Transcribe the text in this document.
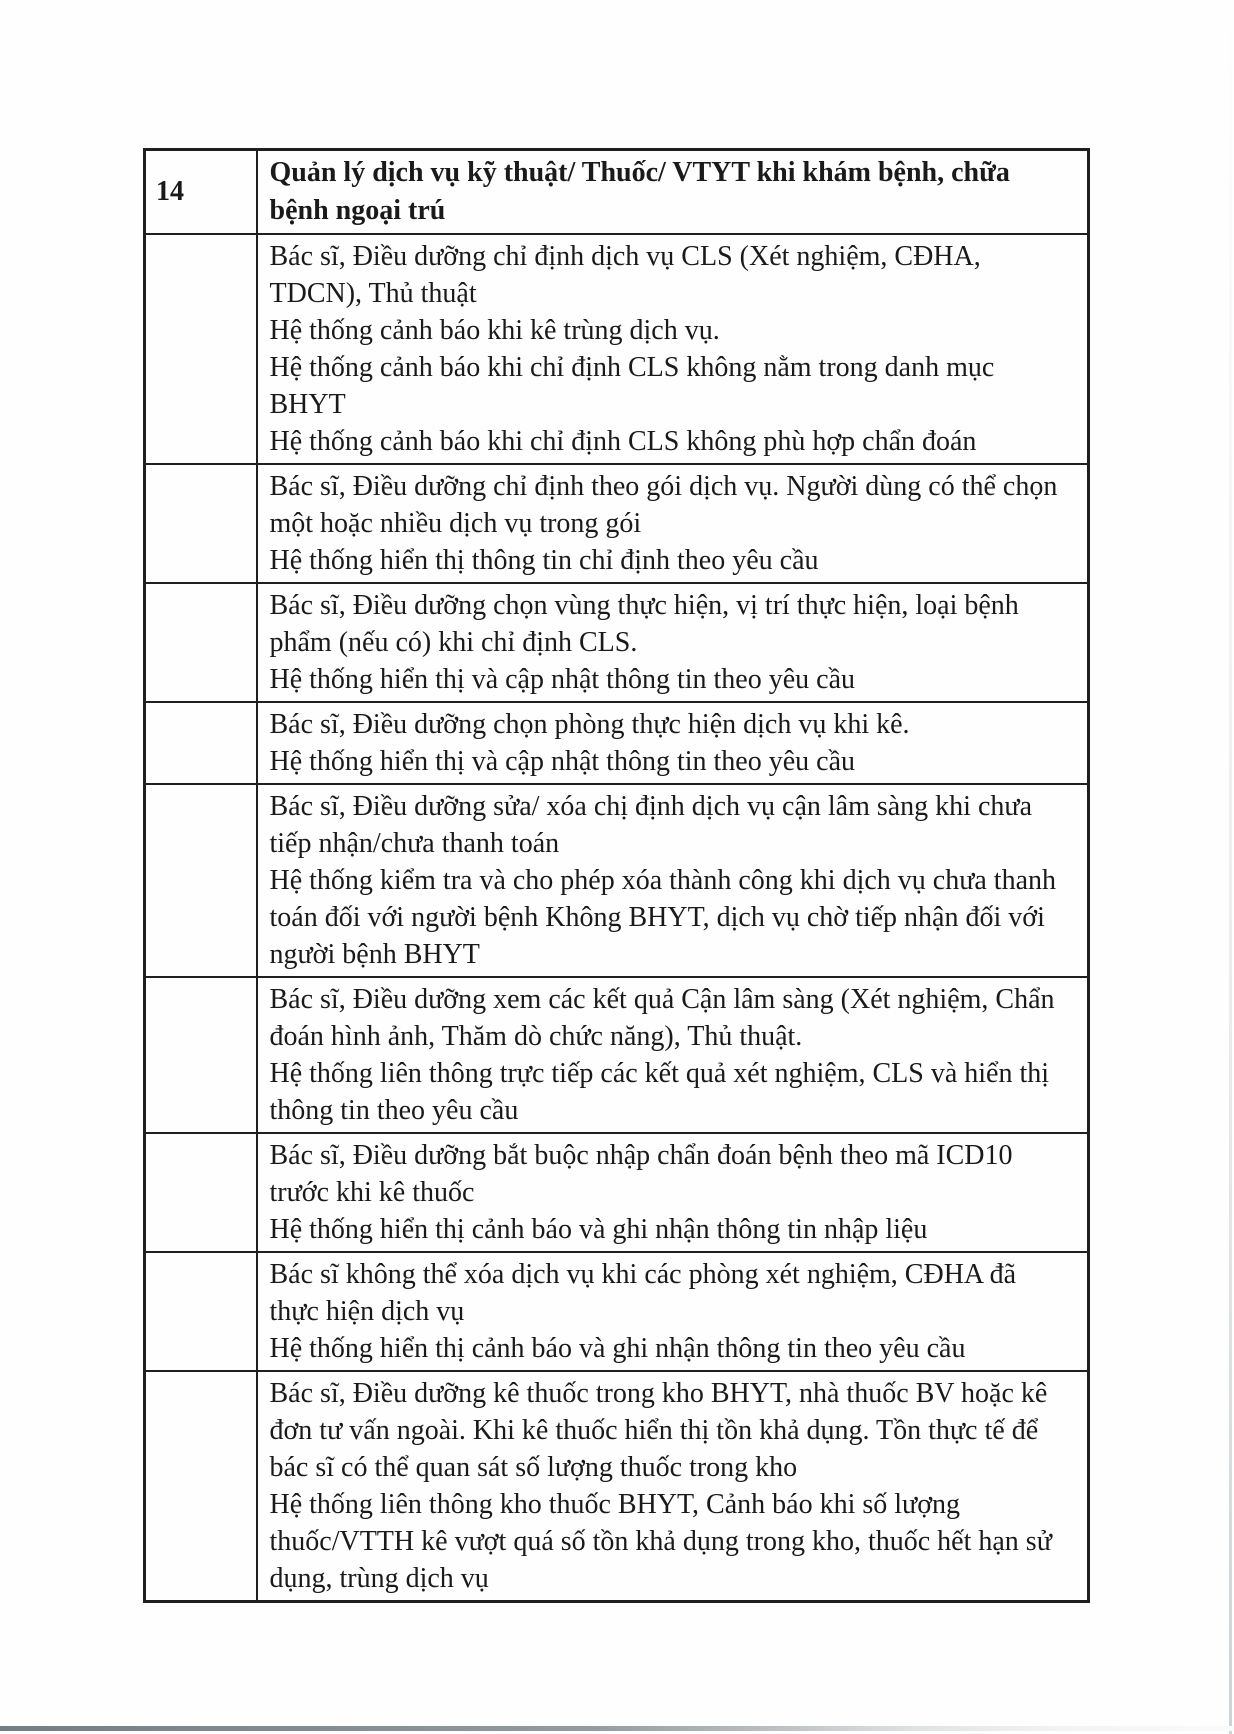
14	Quản lý dịch vụ kỹ thuật/ Thuốc/ VTYT khi khám bệnh, chữa bệnh ngoại trú

	Bác sĩ, Điều dưỡng chỉ định dịch vụ CLS (Xét nghiệm, CĐHA, TDCN), Thủ thuật
Hệ thống cảnh báo khi kê trùng dịch vụ.
Hệ thống cảnh báo khi chỉ định CLS không nằm trong danh mục BHYT
Hệ thống cảnh báo khi chỉ định CLS không phù hợp chẩn đoán

	Bác sĩ, Điều dưỡng chỉ định theo gói dịch vụ. Người dùng có thể chọn một hoặc nhiều dịch vụ trong gói
Hệ thống hiển thị thông tin chỉ định theo yêu cầu

	Bác sĩ, Điều dưỡng chọn vùng thực hiện, vị trí thực hiện, loại bệnh phẩm (nếu có) khi chỉ định CLS.
Hệ thống hiển thị và cập nhật thông tin theo yêu cầu

	Bác sĩ, Điều dưỡng chọn phòng thực hiện dịch vụ khi kê.
Hệ thống hiển thị và cập nhật thông tin theo yêu cầu

	Bác sĩ, Điều dưỡng sửa/ xóa chị định dịch vụ cận lâm sàng khi chưa tiếp nhận/chưa thanh toán
Hệ thống kiểm tra và cho phép xóa thành công khi dịch vụ chưa thanh toán đối với người bệnh Không BHYT, dịch vụ chờ tiếp nhận đối với người bệnh BHYT

	Bác sĩ, Điều dưỡng xem các kết quả Cận lâm sàng (Xét nghiệm, Chẩn đoán hình ảnh, Thăm dò chức năng), Thủ thuật.
Hệ thống liên thông trực tiếp các kết quả xét nghiệm, CLS và hiển thị thông tin theo yêu cầu

	Bác sĩ, Điều dưỡng bắt buộc nhập chẩn đoán bệnh theo mã ICD10 trước khi kê thuốc
Hệ thống hiển thị cảnh báo và ghi nhận thông tin nhập liệu

	Bác sĩ không thể xóa dịch vụ khi các phòng xét nghiệm, CĐHA đã thực hiện dịch vụ
Hệ thống hiển thị cảnh báo và ghi nhận thông tin theo yêu cầu

	Bác sĩ, Điều dưỡng kê thuốc trong kho BHYT, nhà thuốc BV hoặc kê đơn tư vấn ngoài. Khi kê thuốc hiển thị tồn khả dụng. Tồn thực tế để bác sĩ có thể quan sát số lượng thuốc trong kho
Hệ thống liên thông kho thuốc BHYT, Cảnh báo khi số lượng thuốc/VTTH kê vượt quá số tồn khả dụng trong kho, thuốc hết hạn sử dụng, trùng dịch vụ
